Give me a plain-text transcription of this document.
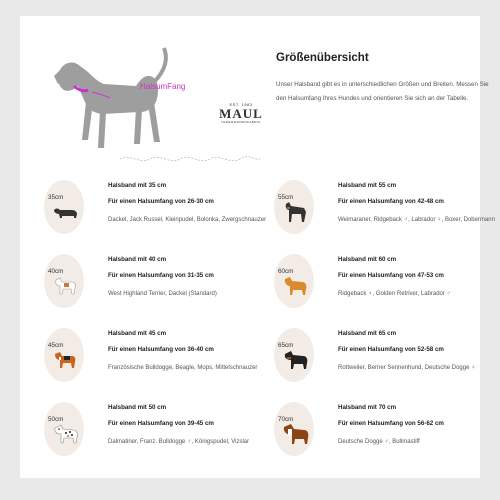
HalsumFang
EST. 1983
MAUL
LEDERWARENFABRIK
Größenübersicht
Unser Halsband gibt es in unterschiedlichen Größen und Breiten. Messen Sie den Halsumfang Ihres Hundes und orientieren Sie sich an der Tabelle.
35cm
Halsband mit 35 cm
Für einen Halsumfang von 26-30 cm
Dackel, Jack Russel, Kleinpudel, Bolonka, Zwergschnauzer
55cm
Halsband mit 55 cm
Für einen Halsumfang von 42-48 cm
Weimaraner, Ridgeback ♂, Labrador ♀, Boxer, Dobermann
40cm
Halsband mit 40 cm
Für einen Halsumfang von 31-35 cm
West Highland Terrier, Dackel (Standard)
60cm
Halsband mit 60 cm
Für einen Halsumfang von 47-53 cm
Ridgeback ♀, Golden Retriver, Labrador ♂
45cm
Halsband mit 45 cm
Für einen Halsumfang von 36-40 cm
Französische Bulldogge, Beagle, Mops, Mittelschnauzer
65cm
Halsband mit 65 cm
Für einen Halsumfang von 52-58 cm
Rottweiler, Berner Sennenhund, Deutsche Dogge ♀
50cm
Halsband mit 50 cm
Für einen Halsumfang von 39-45 cm
Dalmatiner, Franz. Bulldogge ♂, Königspudel, Vizslar
70cm
Halsband mit 70 cm
Für einen Halsumfang von 56-62 cm
Deutsche Dogge ♂, Bullmastiff
